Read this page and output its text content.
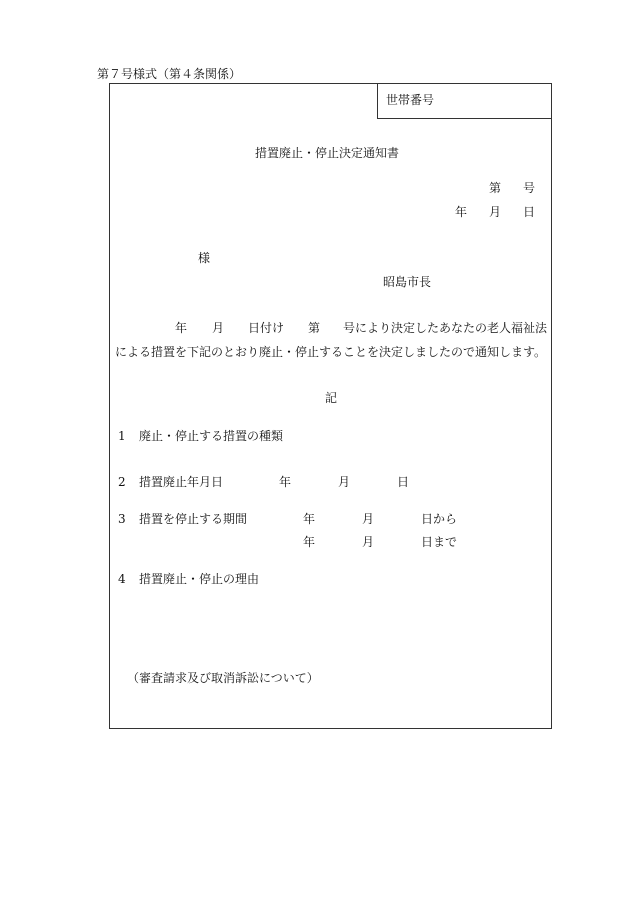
第７号様式（第４条関係）
世帯番号
措置廃止・停止決定通知書
第 号
年 月 日
様
昭島市長
年 月 日付け 第 号により決定したあなたの老人福祉法
による措置を下記のとおり廃止・停止することを決定しましたので通知します。
記
1 廃止・停止する措置の種類
2 措置廃止年月日	年	月	日
3 措置を停止する期間	年	月	日から
年	月	日まで
4 措置廃止・停止の理由
（審査請求及び取消訴訟について）
